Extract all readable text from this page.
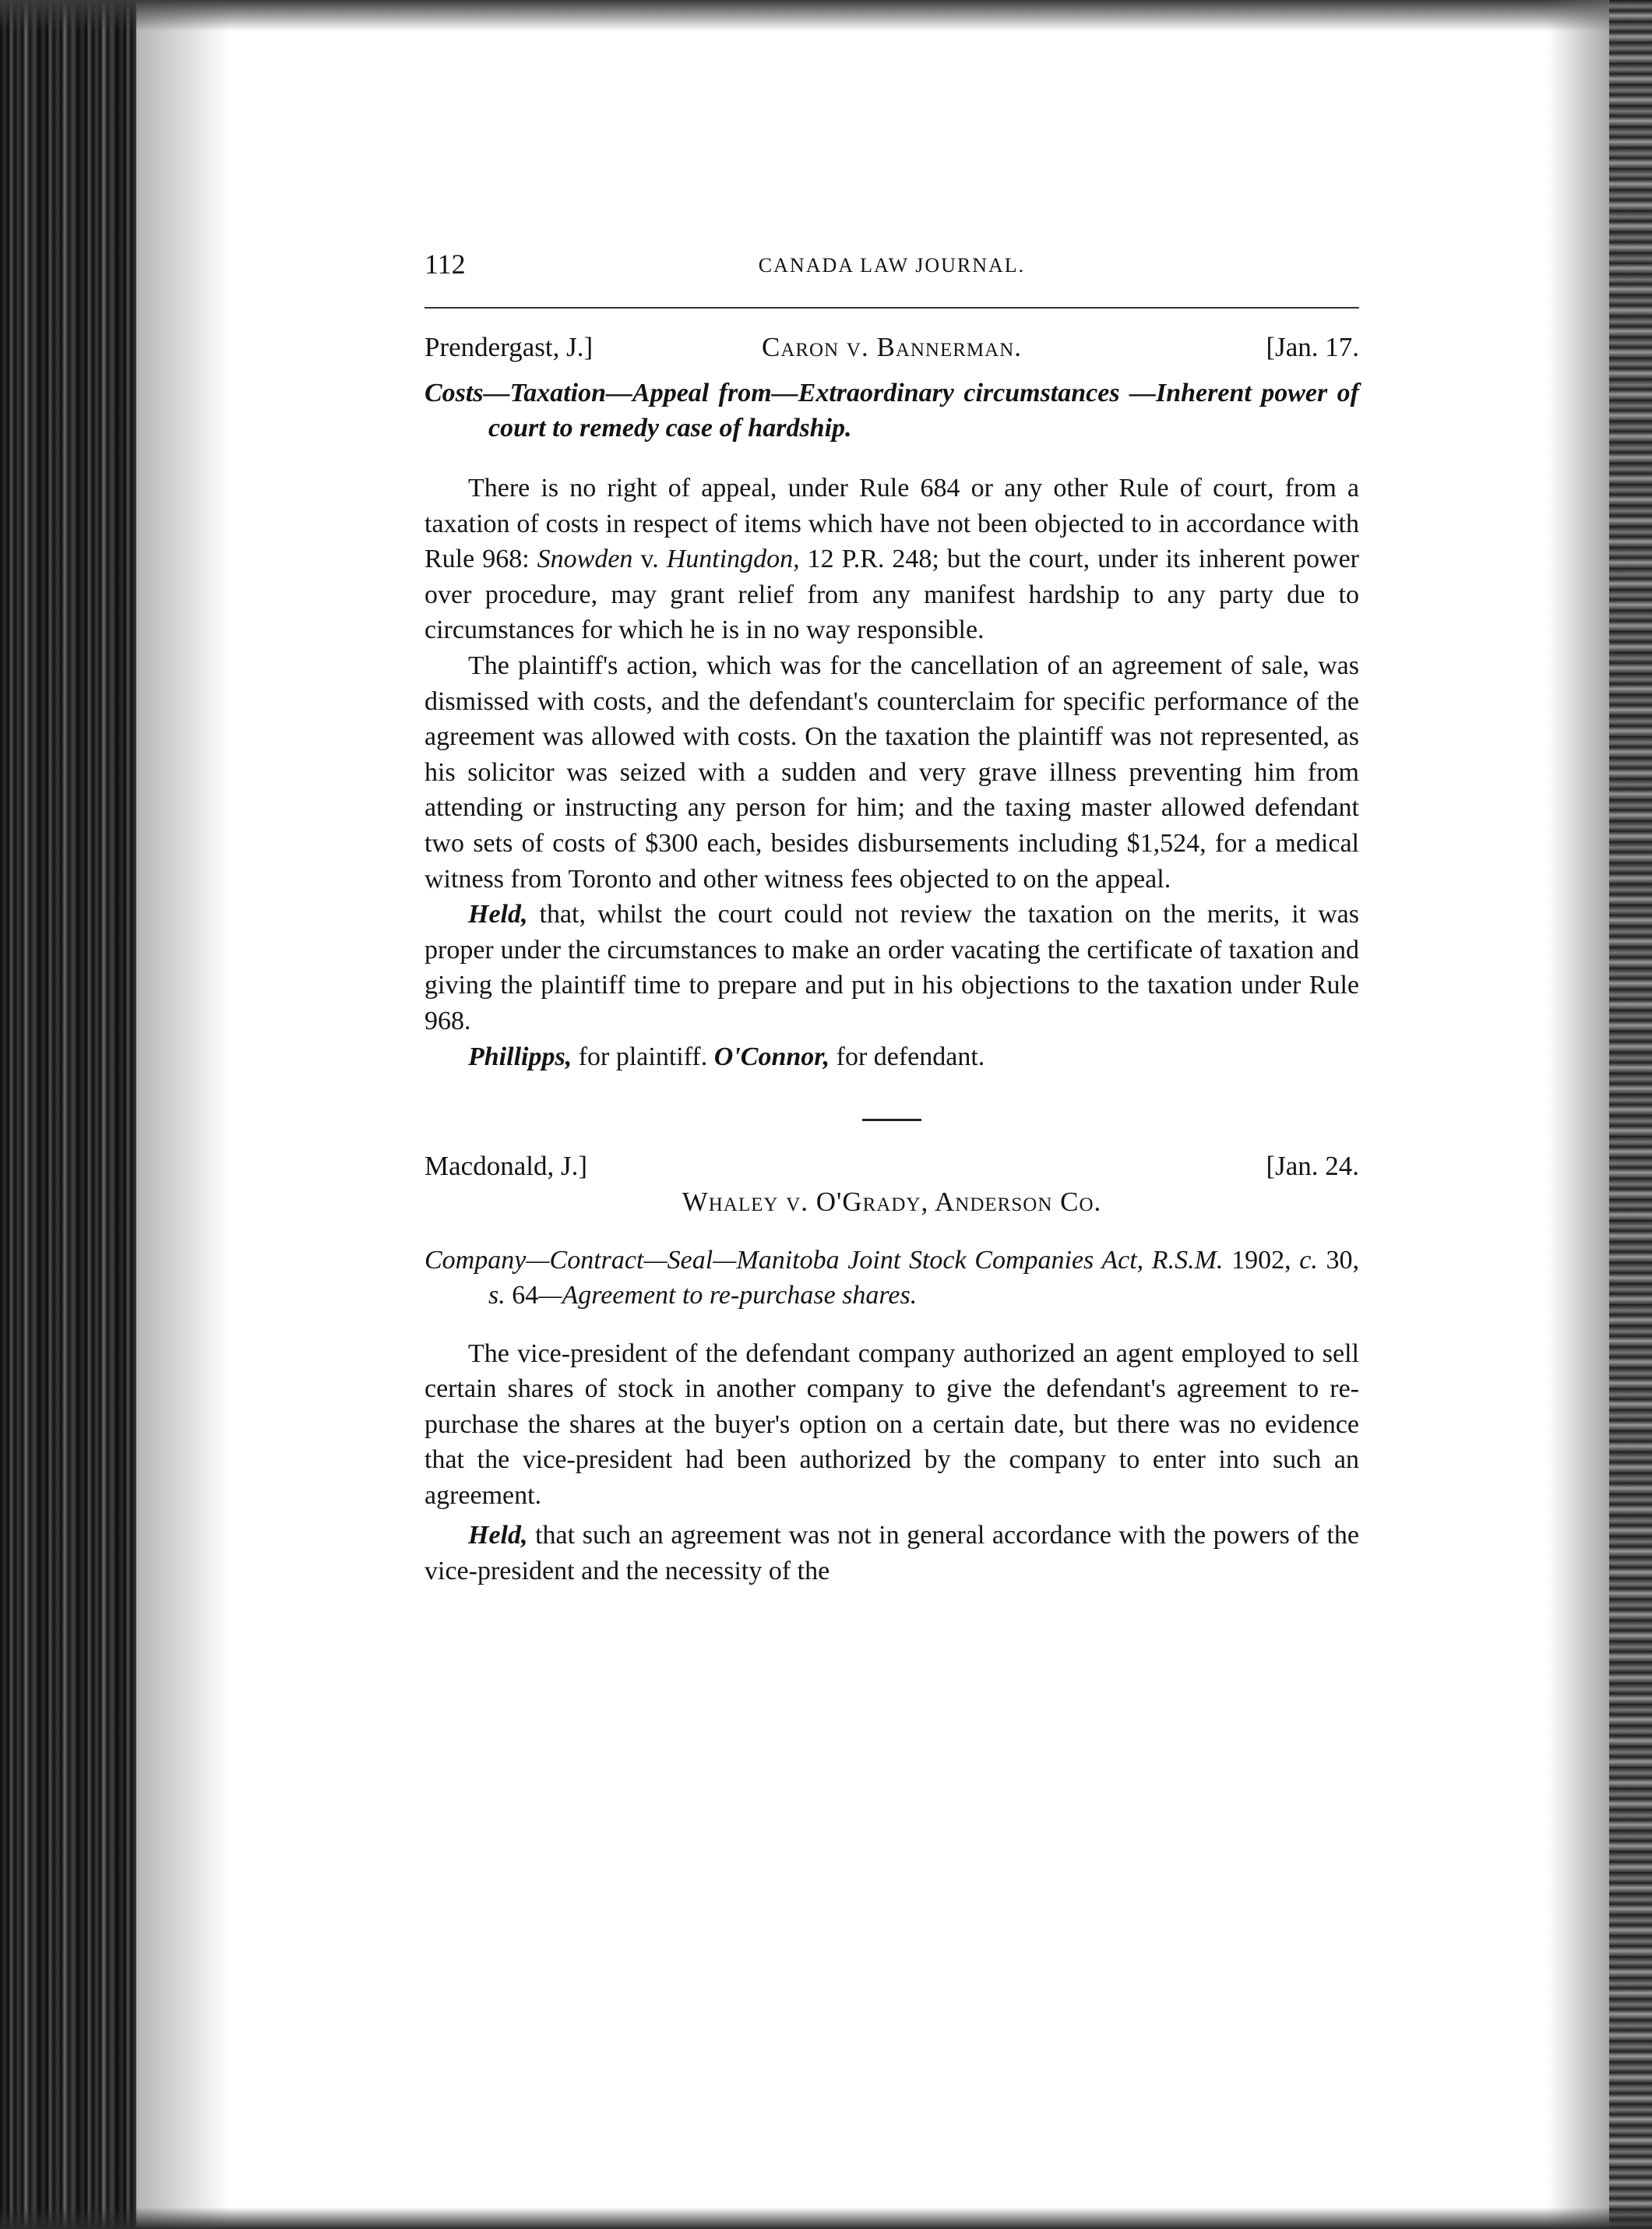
112	CANADA LAW JOURNAL.
Prendergast, J.]	Caron v. Bannerman.	[Jan. 17.
Costs—Taxation—Appeal from—Extraordinary circumstances —Inherent power of court to remedy case of hardship.

There is no right of appeal, under Rule 684 or any other Rule of court, from a taxation of costs in respect of items which have not been objected to in accordance with Rule 968: Snowden v. Huntingdon, 12 P.R. 248; but the court, under its inherent power over procedure, may grant relief from any manifest hardship to any party due to circumstances for which he is in no way responsible.

The plaintiff's action, which was for the cancellation of an agreement of sale, was dismissed with costs, and the defendant's counterclaim for specific performance of the agreement was allowed with costs. On the taxation the plaintiff was not represented, as his solicitor was seized with a sudden and very grave illness preventing him from attending or instructing any person for him; and the taxing master allowed defendant two sets of costs of $300 each, besides disbursements including $1,524, for a medical witness from Toronto and other witness fees objected to on the appeal.

Held, that, whilst the court could not review the taxation on the merits, it was proper under the circumstances to make an order vacating the certificate of taxation and giving the plaintiff time to prepare and put in his objections to the taxation under Rule 968.

Phillipps, for plaintiff. O'Connor, for defendant.

Macdonald, J.]	[Jan. 24.
Whaley v. O'Grady, Anderson Co.
Company—Contract—Seal—Manitoba Joint Stock Companies Act, R.S.M. 1902, c. 30, s. 64—Agreement to re-purchase shares.

The vice-president of the defendant company authorized an agent employed to sell certain shares of stock in another company to give the defendant's agreement to re-purchase the shares at the buyer's option on a certain date, but there was no evidence that the vice-president had been authorized by the company to enter into such an agreement.

Held, that such an agreement was not in general accordance with the powers of the vice-president and the necessity of the
